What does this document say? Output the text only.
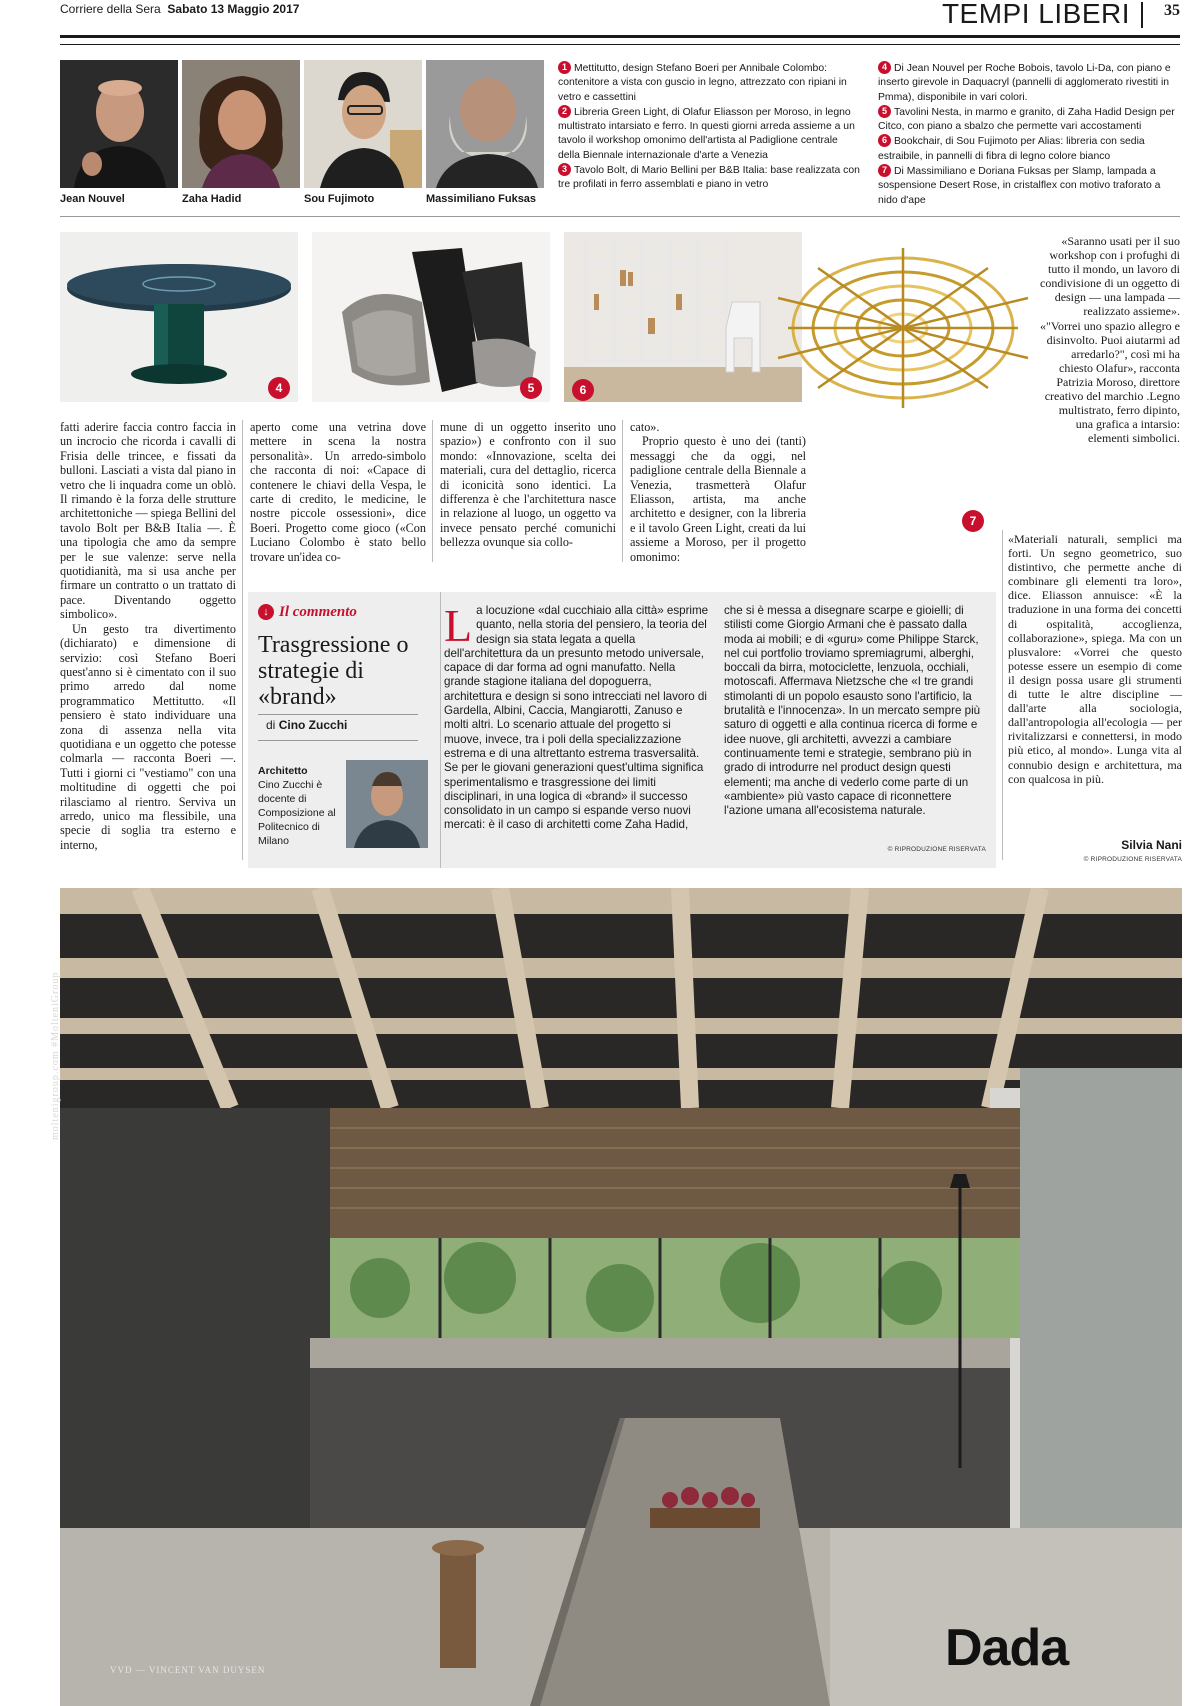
Corriere della Sera Sabato 13 Maggio 2017	TEMPI LIBERI 35
Jean Nouvel	Zaha Hadid	Sou Fujimoto	Massimiliano Fuksas

1 Mettitutto, design Stefano Boeri per Annibale Colombo: contenitore a vista con guscio in legno, attrezzato con ripiani in vetro e cassettini

2 Libreria Green Light, di Olafur Eliasson per Moroso, in legno multistrato intarsiato e ferro. In questi giorni arreda assieme a un tavolo il workshop omonimo dell'artista al Padiglione centrale della Biennale internazionale d'arte a Venezia

3 Tavolo Bolt, di Mario Bellini per B&B Italia: base realizzata con tre profilati in ferro assemblati e piano in vetro

4 Di Jean Nouvel per Roche Bobois, tavolo Li-Da, con piano e inserto girevole in Daquacryl (pannelli di agglomerato rivestiti in Pmma), disponibile in vari colori.

5 Tavolini Nesta, in marmo e granito, di Zaha Hadid Design per Citco, con piano a sbalzo che permette vari accostamenti

6 Bookchair, di Sou Fujimoto per Alias: libreria con sedia estraibile, in pannelli di fibra di legno colore bianco

7 Di Massimiliano e Doriana Fuksas per Slamp, lampada a sospensione Desert Rose, in cristalflex con motivo traforato a nido d'ape

4	5	6
7
«Saranno usati per il suo workshop con i profughi di tutto il mondo, un lavoro di condivisione di un oggetto di design — una lampada — realizzato assieme». «"Vorrei uno spazio allegro e disinvolto. Puoi aiutarmi ad arredarlo?", così mi ha chiesto Olafur», racconta Patrizia Moroso, direttore creativo del marchio .Legno multistrato, ferro dipinto, una grafica a intarsio: elementi simbolici.

fatti aderire faccia contro faccia in un incrocio che ricorda i cavalli di Frisia delle trincee, e fissati da bulloni. Lasciati a vista dal piano in vetro che li inquadra come un oblò. Il rimando è la forza delle strutture architettoniche — spiega Bellini del tavolo Bolt per B&B Italia —. È una tipologia che amo da sempre per le sue valenze: serve nella quotidianità, ma si usa anche per firmare un contratto o un trattato di pace. Diventando oggetto simbolico».

Un gesto tra divertimento (dichiarato) e dimensione di servizio: così Stefano Boeri quest'anno si è cimentato con il suo primo arredo dal nome programmatico Mettitutto. «Il pensiero è stato individuare una zona di assenza nella vita quotidiana e un oggetto che potesse colmarla — racconta Boeri —. Tutti i giorni ci "vestiamo" con una moltitudine di oggetti che poi rilasciamo al rientro. Serviva un arredo, unico ma flessibile, una specie di soglia tra esterno e interno,

aperto come una vetrina dove mettere in scena la nostra personalità». Un arredo-simbolo che racconta di noi: «Capace di contenere le chiavi della Vespa, le carte di credito, le medicine, le nostre piccole ossessioni», dice Boeri. Progetto come gioco («Con Luciano Colombo è stato bello trovare un'idea co-
mune di un oggetto inserito uno spazio») e confronto con il suo mondo: «Innovazione, scelta dei materiali, cura del dettaglio, ricerca di iconicità sono identici. La differenza è che l'architettura nasce in relazione al luogo, un oggetto va invece pensato perché comunichi bellezza ovunque sia collo-

cato».

Proprio questo è uno dei (tanti) messaggi che da oggi, nel padiglione centrale della Biennale a Venezia, trasmetterà Olafur Eliasson, artista, ma anche architetto e designer, con la libreria e il tavolo Green Light, creati da lui assieme a Moroso, per il progetto omonimo:

«Materiali naturali, semplici ma forti. Un segno geometrico, suo distintivo, che permette anche di combinare gli elementi tra loro», dice. Eliasson annuisce: «È la traduzione in una forma dei concetti di ospitalità, accoglienza, collaborazione», spiega. Ma con un plusvalore: «Vorrei che questo potesse essere un esempio di come il design possa usare gli strumenti di tutte le altre discipline — dall'arte alla sociologia, dall'antropologia all'ecologia — per rivitalizzarsi e connettersi, in modo più etico, al mondo». Lunga vita al connubio design e architettura, ma con qualcosa in più.
Silvia Nani
© RIPRODUZIONE RISERVATA
↓ Il commento
Trasgressione o strategie di «brand»
di Cino Zucchi
Architetto
Cino Zucchi è docente di Composizione al Politecnico di Milano
La locuzione «dal cucchiaio alla città» esprime quanto, nella storia del pensiero, la teoria del design sia stata legata a quella dell'architettura da un presunto metodo universale, capace di dar forma ad ogni manufatto. Nella grande stagione italiana del dopoguerra, architettura e design si sono intrecciati nel lavoro di Gardella, Albini, Caccia, Mangiarotti, Zanuso e molti altri. Lo scenario attuale del progetto si muove, invece, tra i poli della specializzazione estrema e di una altrettanto estrema trasversalità. Se per le giovani generazioni quest'ultima significa sperimentalismo e trasgressione dei limiti disciplinari, in una logica di «brand» il successo consolidato in un campo si espande verso nuovi mercati: è il caso di architetti come Zaha Hadid,
che si è messa a disegnare scarpe e gioielli; di stilisti come Giorgio Armani che è passato dalla moda ai mobili; e di «guru» come Philippe Starck, nel cui portfolio troviamo spremiagrumi, alberghi, boccali da birra, motociclette, lenzuola, occhiali, motoscafi. Affermava Nietzsche che «I tre grandi stimolanti di un popolo esausto sono l'artificio, la brutalità e l'innocenza». In un mercato sempre più saturo di oggetti e alla continua ricerca di forme e idee nuove, gli architetti, avvezzi a cambiare continuamente temi e strategie, sembrano più in grado di introdurre nel product design questi elementi; ma anche di vederlo come parte di un «ambiente» più vasto capace di riconnettere l'azione umana all'ecosistema naturale.
© RIPRODUZIONE RISERVATA
moltenigroup.com #MolteniGroup
VVD — VINCENT VAN DUYSEN	Dada
